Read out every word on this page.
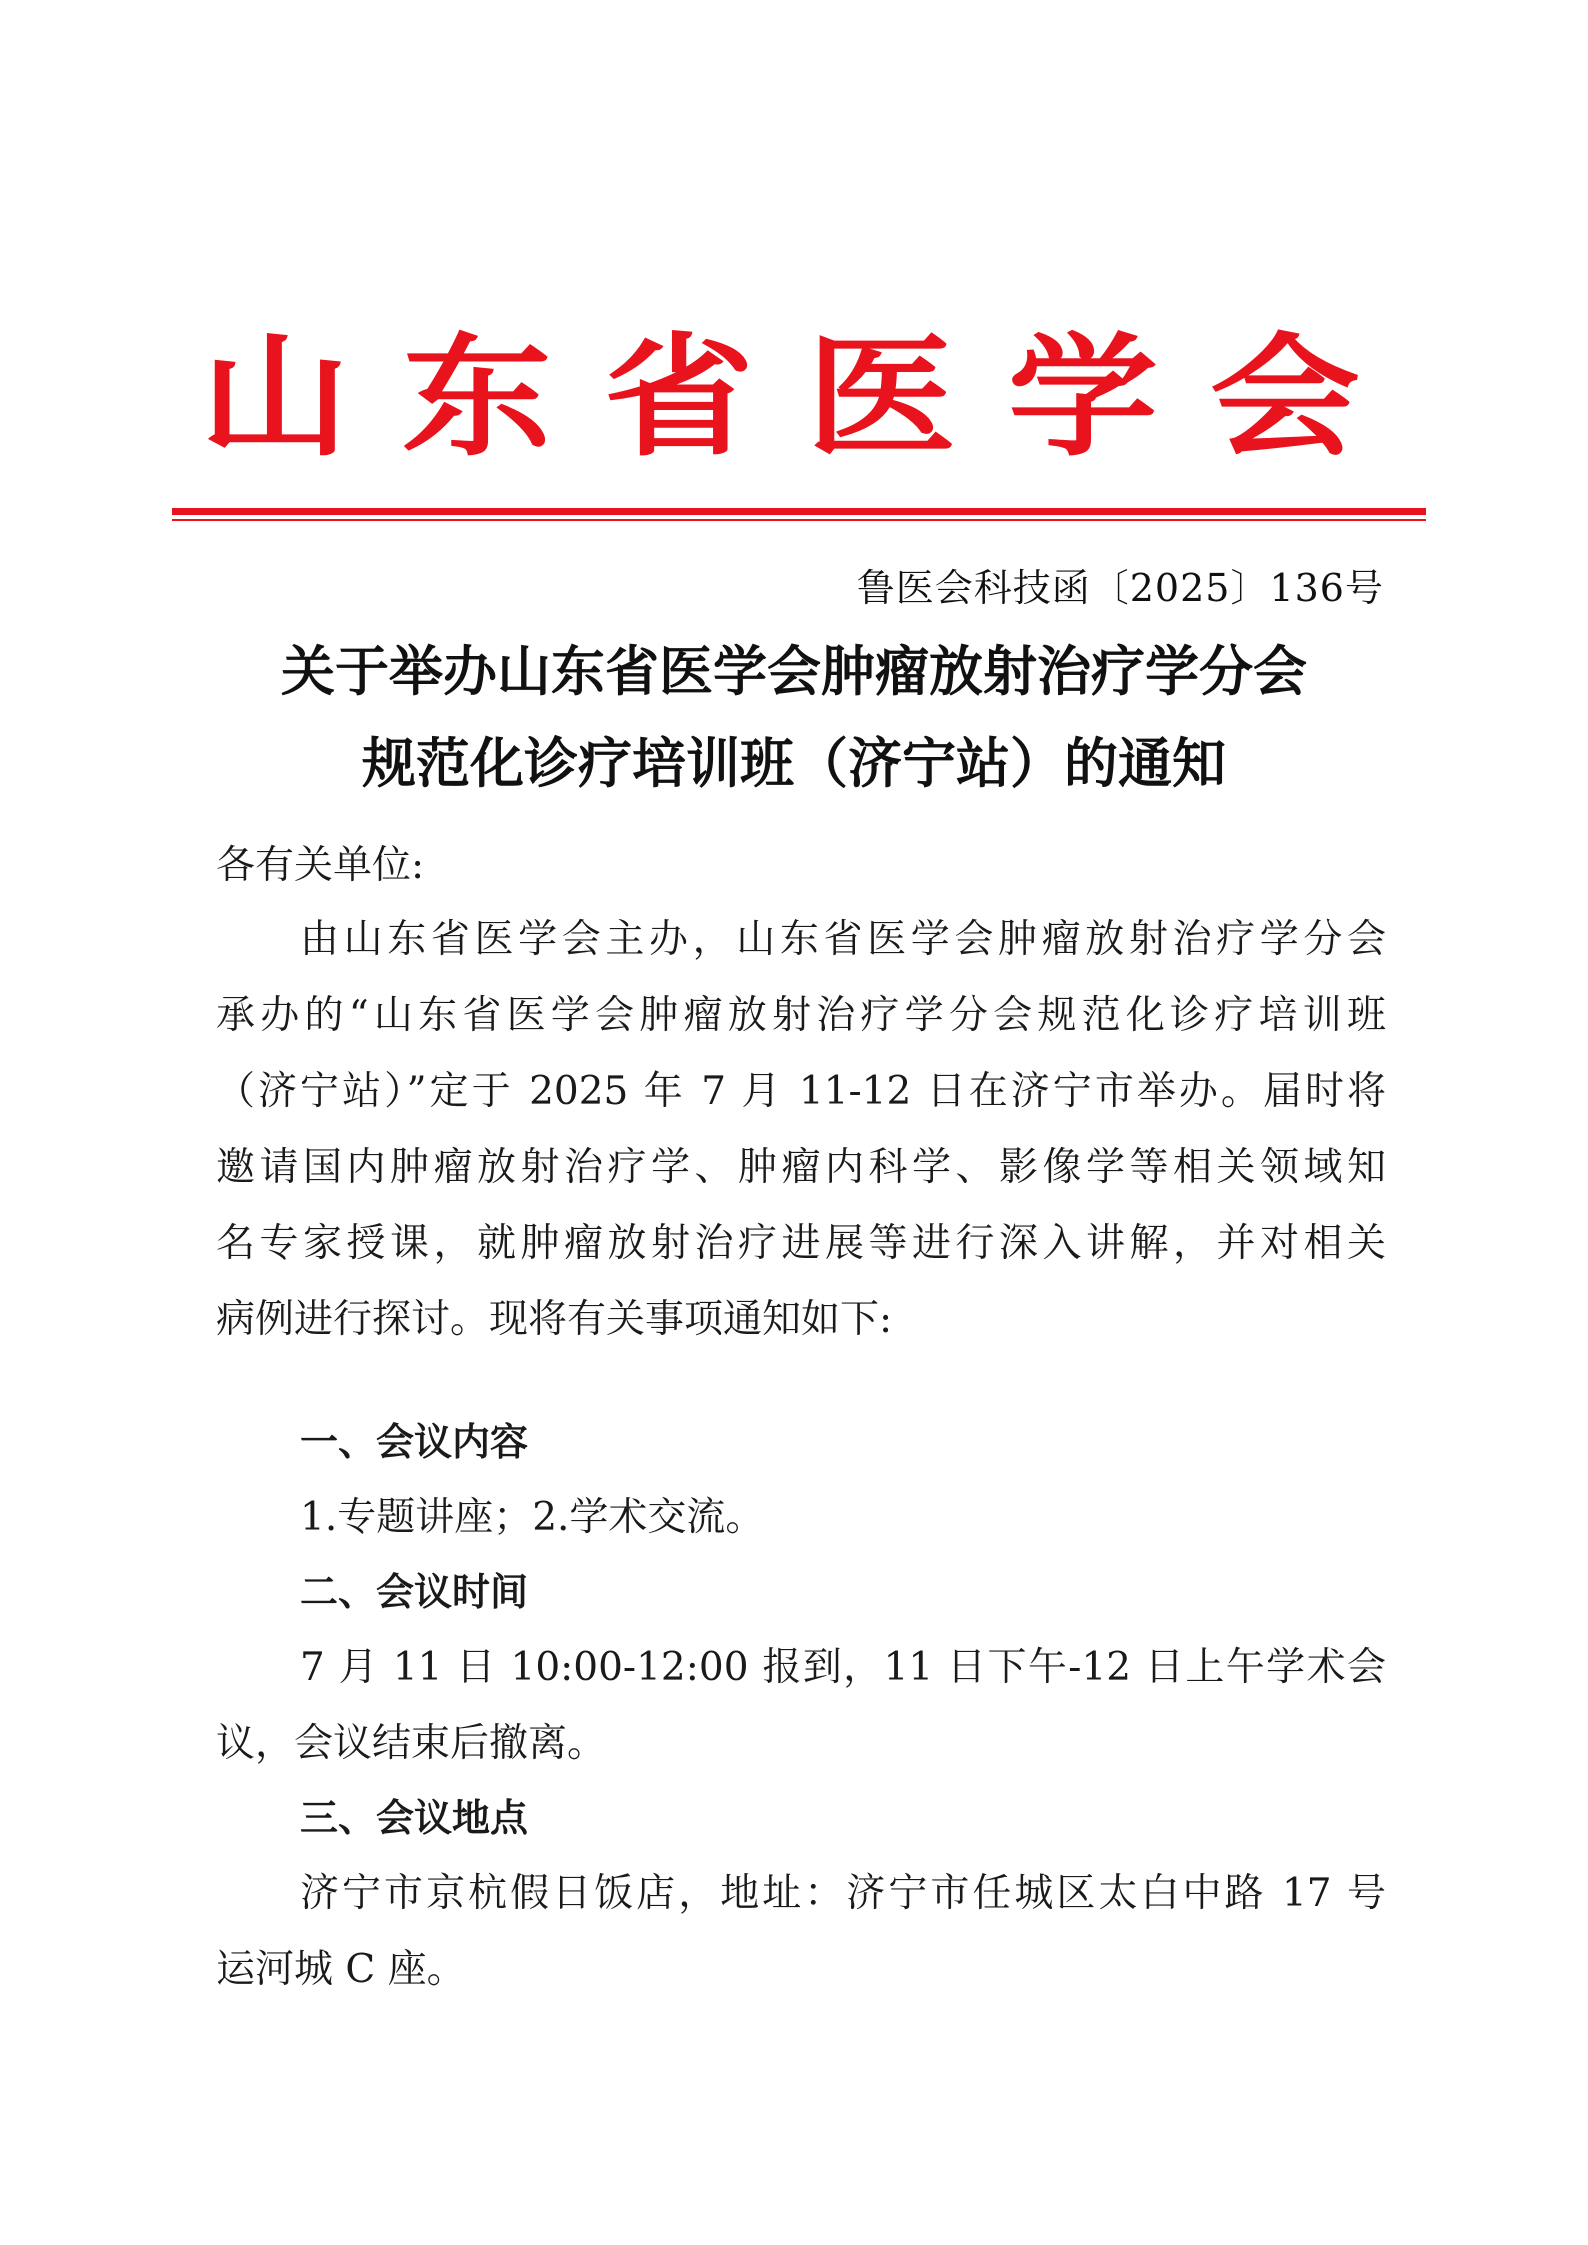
山 东 省 医 学 会
鲁医会科技函〔2025〕136号
关于举办山东省医学会肿瘤放射治疗学分会
规范化诊疗培训班（济宁站）的通知
各有关单位:
由山东省医学会主办，山东省医学会肿瘤放射治疗学分会
承办的“山东省医学会肿瘤放射治疗学分会规范化诊疗培训班
（济宁站）”定于 2025 年 7 月 11-12 日在济宁市举办。届时将
邀请国内肿瘤放射治疗学、肿瘤内科学、影像学等相关领域知
名专家授课，就肿瘤放射治疗进展等进行深入讲解，并对相关
病例进行探讨。现将有关事项通知如下:
一、会议内容
1.专题讲座；2.学术交流。
二、会议时间
7 月 11 日 10:00-12:00 报到，11 日下午-12 日上午学术会
议，会议结束后撤离。
三、会议地点
济宁市京杭假日饭店，地址：济宁市任城区太白中路 17 号
运河城 C 座。
